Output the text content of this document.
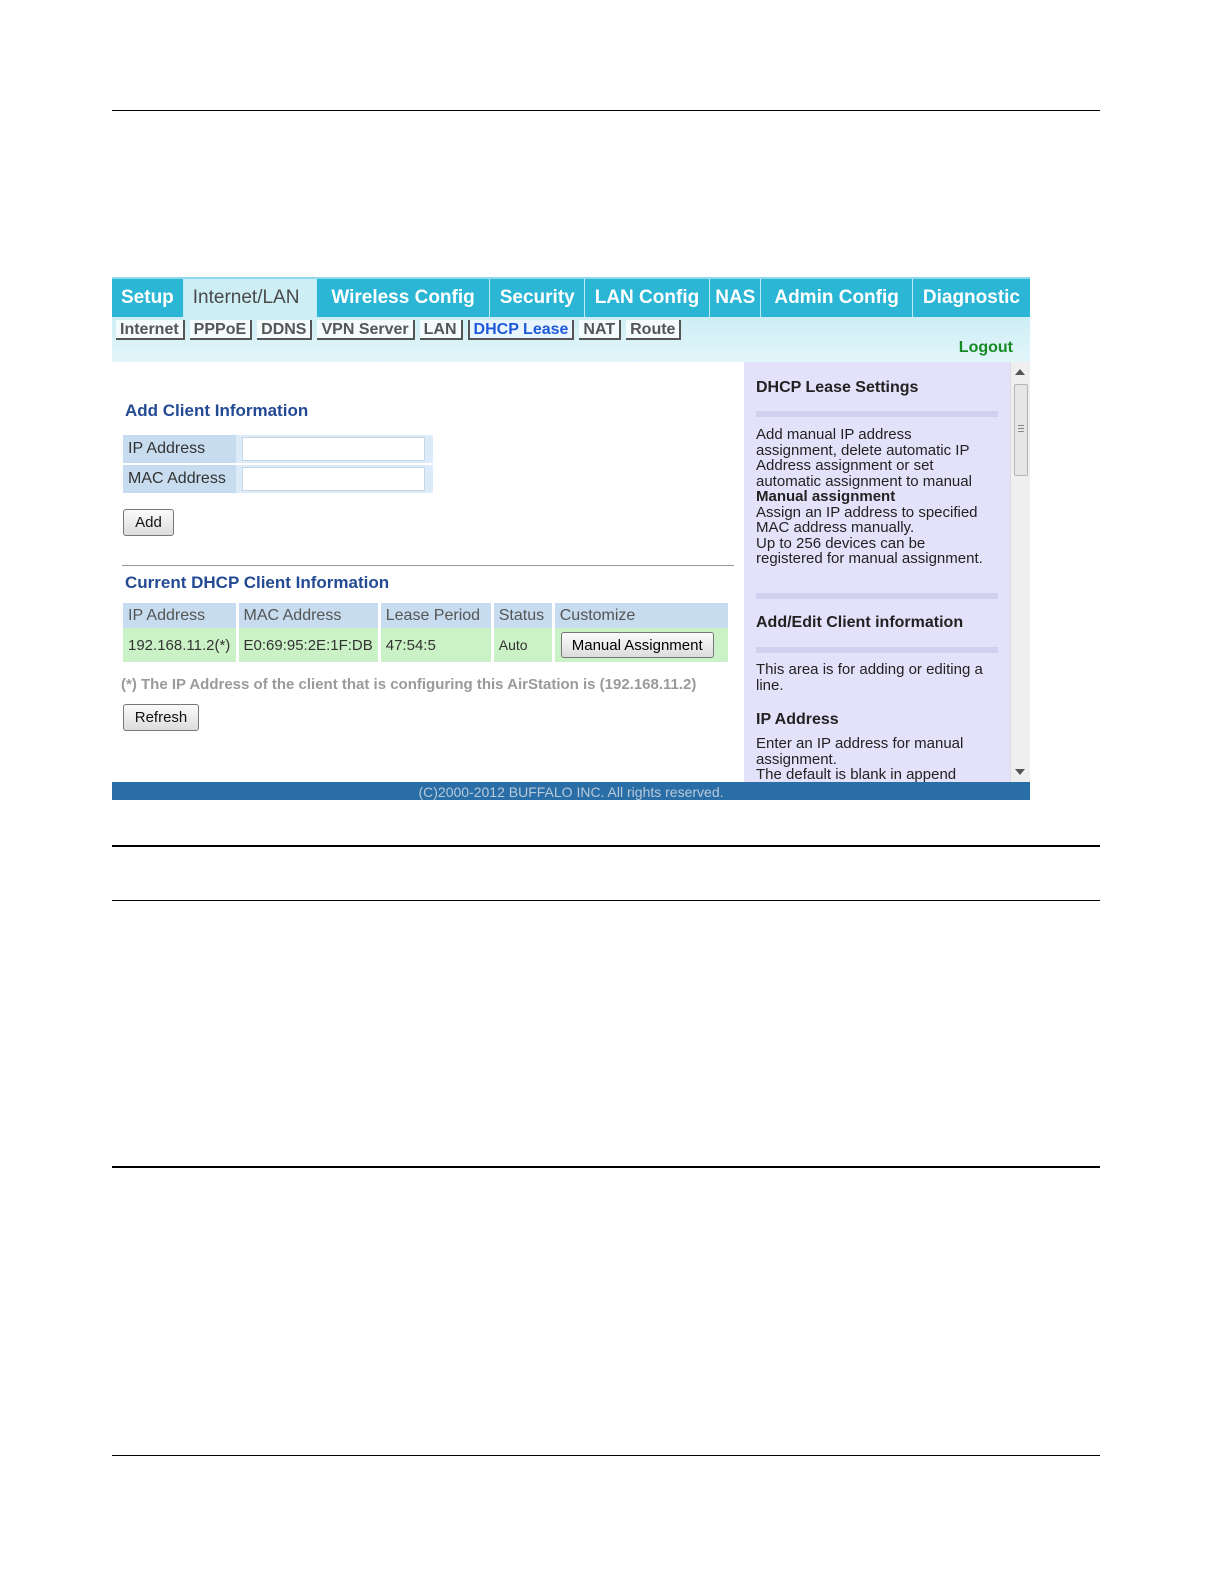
Setup	Internet/LAN	Wireless Config	Security	LAN Config NAS	Admin Config	Diagnostic
Internet PPPoE DDNS VPN Server LAN	DHCP Lease NAT Route
Logout
Add Client Information
IP Address	
MAC Address	
Add
Current DHCP Client Information
IP Address	MAC Address	Lease Period	Status	Customize
192.168.11.2(*)	E0:69:95:2E:1F:DB	47:54:5	Auto	Manual Assignment
(*) The IP Address of the client that is configuring this AirStation is (192.168.11.2)
Refresh
DHCP Lease Settings
Add manual IP address assignment, delete automatic IP Address assignment or set automatic assignment to manual
Manual assignment
Assign an IP address to specified MAC address manually.
Up to 256 devices can be registered for manual assignment.
Add/Edit Client information
This area is for adding or editing a line.
IP Address
Enter an IP address for manual assignment.
The default is blank in append
(C)2000-2012 BUFFALO INC. All rights reserved.
